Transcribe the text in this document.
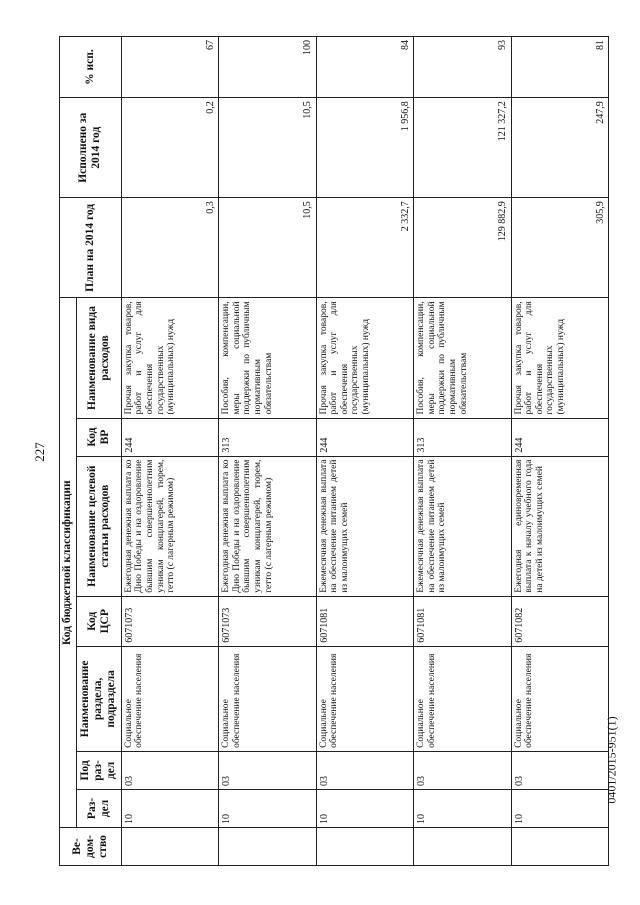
227
Ве-дом-ство	Код бюджетной классификации							План на 2014 год	Исполнено за 2014 год	% исп.
	Раз-дел	Под раз-дел	Наименование раздела, подраздела	Код ЦСР	Наименование целевой статьи расходов	Код ВР	Наименование вида расходов			
	10	03	Социальное обеспечение населения	6071073	Ежегодная денежная выплата ко Дню Победы и на оздоровление бывшим совершеннолетним узникам концлагерей, тюрем, гетто (с лагерным режимом)	244	Прочая закупка товаров, работ и услуг для обеспечения государственных (муниципальных) нужд	0,3	0,2	67
	10	03	Социальное обеспечение населения	6071073	Ежегодная денежная выплата ко Дню Победы и на оздоровление бывшим совершеннолетним узникам концлагерей, тюрем, гетто (с лагерным режимом)	313	Пособия, компенсации, меры социальной поддержки по публичным нормативным обязательствам	10,5	10,5	100
	10	03	Социальное обеспечение населения	6071081	Ежемесячная денежная выплата на обеспечение питанием детей из малоимущих семей	244	Прочая закупка товаров, работ и услуг для обеспечения государственных (муниципальных) нужд	2 332,7	1 956,8	84
	10	03	Социальное обеспечение населения	6071081	Ежемесячная денежная выплата на обеспечение питанием детей из малоимущих семей	313	Пособия, компенсации, меры социальной поддержки по публичным нормативным обязательствам	129 882,9	121 327,2	93
	10	03	Социальное обеспечение населения	6071082	Ежегодная единовременная выплата к началу учебного года на детей из малоимущих семей	244	Прочая закупка товаров, работ и услуг для обеспечения государственных (муниципальных) нужд	305,9	247,9	81
0401/2015-951(1)
